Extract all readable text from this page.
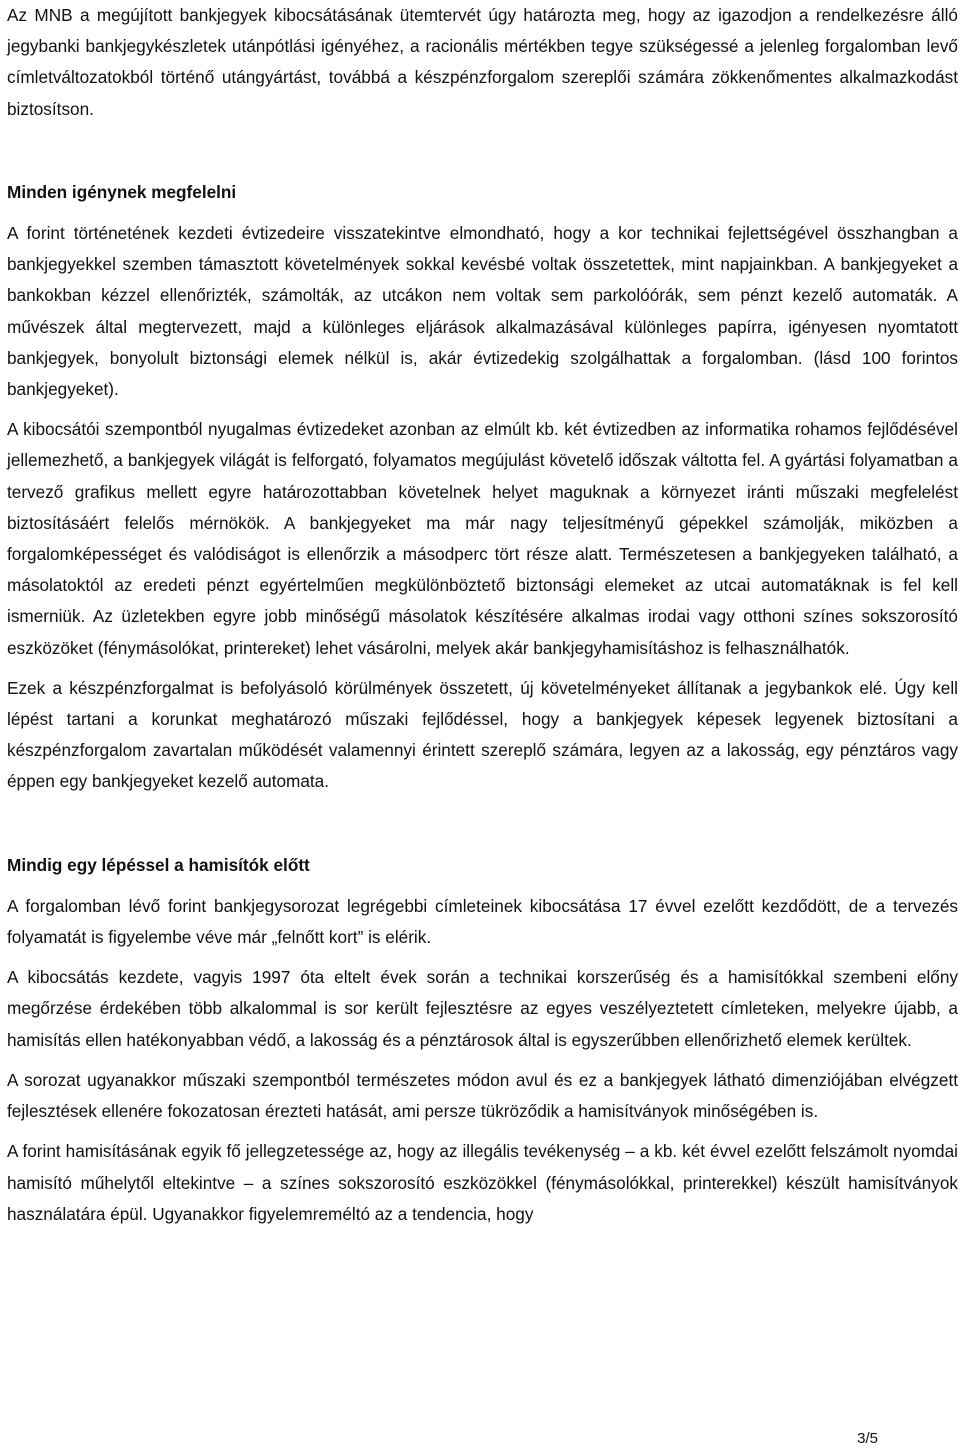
Az MNB a megújított bankjegyek kibocsátásának ütemtervét úgy határozta meg, hogy az igazodjon a rendelkezésre álló jegybanki bankjegykészletek utánpótlási igényéhez, a racionális mértékben tegye szükségessé a jelenleg forgalomban levő címletváltozatokból történő utángyártást, továbbá a készpénzforgalom szereplői számára zökkenőmentes alkalmazkodást biztosítson.

Minden igénynek megfelelni

A forint történetének kezdeti évtizedeire visszatekintve elmondható, hogy a kor technikai fejlettségével összhangban a bankjegyekkel szemben támasztott követelmények sokkal kevésbé voltak összetettek, mint napjainkban. A bankjegyeket a bankokban kézzel ellenőrizték, számolták, az utcákon nem voltak sem parkolóórák, sem pénzt kezelő automaták. A művészek által megtervezett, majd a különleges eljárások alkalmazásával különleges papírra, igényesen nyomtatott bankjegyek, bonyolult biztonsági elemek nélkül is, akár évtizedekig szolgálhattak a forgalomban. (lásd 100 forintos bankjegyeket).

A kibocsátói szempontból nyugalmas évtizedeket azonban az elmúlt kb. két évtizedben az informatika rohamos fejlődésével jellemezhető, a bankjegyek világát is felforgató, folyamatos megújulást követelő időszak váltotta fel. A gyártási folyamatban a tervező grafikus mellett egyre határozottabban követelnek helyet maguknak a környezet iránti műszaki megfelelést biztosításáért felelős mérnökök. A bankjegyeket ma már nagy teljesítményű gépekkel számolják, miközben a forgalomképességet és valódiságot is ellenőrzik a másodperc tört része alatt. Természetesen a bankjegyeken található, a másolatoktól az eredeti pénzt egyértelműen megkülönböztető biztonsági elemeket az utcai automatáknak is fel kell ismerniük. Az üzletekben egyre jobb minőségű másolatok készítésére alkalmas irodai vagy otthoni színes sokszorosító eszközöket (fénymásolókat, printereket) lehet vásárolni, melyek akár bankjegyhamisításhoz is felhasználhatók.

Ezek a készpénzforgalmat is befolyásoló körülmények összetett, új követelményeket állítanak a jegybankok elé. Úgy kell lépést tartani a korunkat meghatározó műszaki fejlődéssel, hogy a bankjegyek képesek legyenek biztosítani a készpénzforgalom zavartalan működését valamennyi érintett szereplő számára, legyen az a lakosság, egy pénztáros vagy éppen egy bankjegyeket kezelő automata.

Mindig egy lépéssel a hamisítók előtt

A forgalomban lévő forint bankjegysorozat legrégebbi címleteinek kibocsátása 17 évvel ezelőtt kezdődött, de a tervezés folyamatát is figyelembe véve már „felnőtt kort” is elérik.

A kibocsátás kezdete, vagyis 1997 óta eltelt évek során a technikai korszerűség és a hamisítókkal szembeni előny megőrzése érdekében több alkalommal is sor került fejlesztésre az egyes veszélyeztetett címleteken, melyekre újabb, a hamisítás ellen hatékonyabban védő, a lakosság és a pénztárosok által is egyszerűbben ellenőrizhető elemek kerültek.

A sorozat ugyanakkor műszaki szempontból természetes módon avul és ez a bankjegyek látható dimenziójában elvégzett fejlesztések ellenére fokozatosan érezteti hatását, ami persze tükröződik a hamisítványok minőségében is.

A forint hamisításának egyik fő jellegzetessége az, hogy az illegális tevékenység – a kb. két évvel ezelőtt felszámolt nyomdai hamisító műhelytől eltekintve – a színes sokszorosító eszközökkel (fénymásolókkal, printerekkel) készült hamisítványok használatára épül. Ugyanakkor figyelemreméltó az a tendencia, hogy

3/5
